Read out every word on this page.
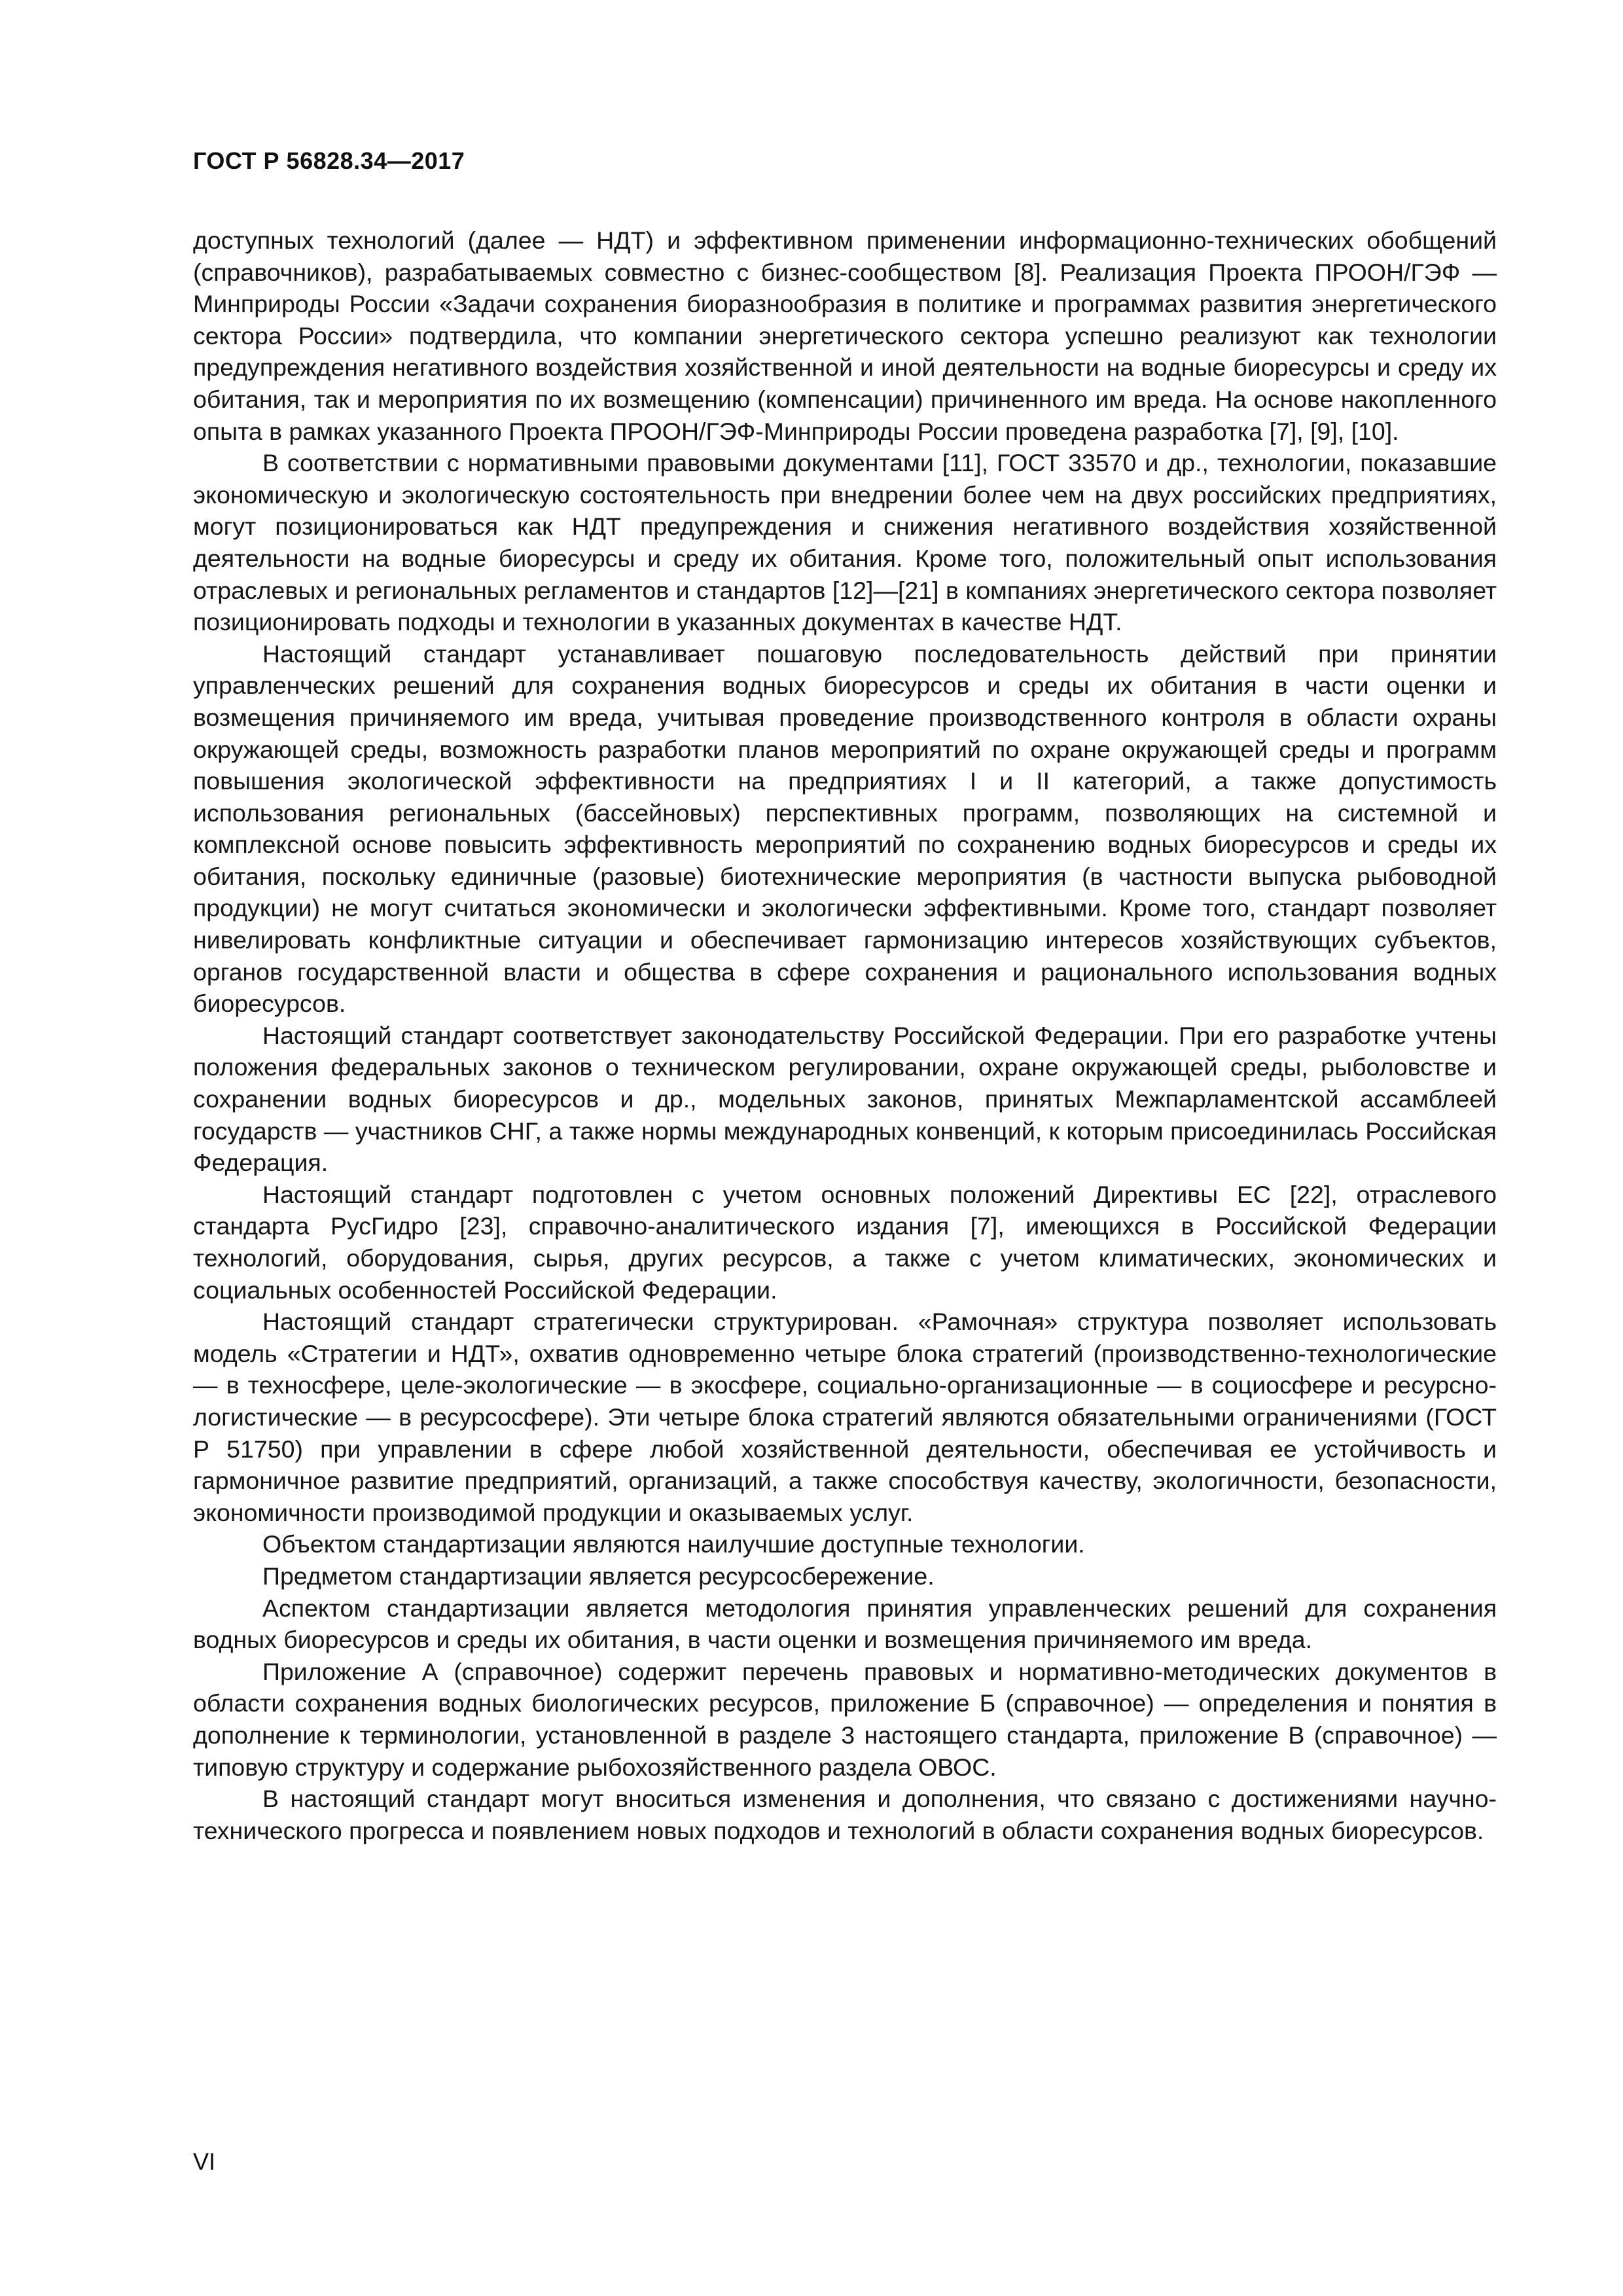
ГОСТ Р 56828.34—2017

доступных технологий (далее — НДТ) и эффективном применении информационно-технических обобщений (справочников), разрабатываемых совместно с бизнес-сообществом [8]. Реализация Проекта ПРООН/ГЭФ — Минприроды России «Задачи сохранения биоразнообразия в политике и программах развития энергетического сектора России» подтвердила, что компании энергетического сектора успешно реализуют как технологии предупреждения негативного воздействия хозяйственной и иной деятельности на водные биоресурсы и среду их обитания, так и мероприятия по их возмещению (компенсации) причиненного им вреда. На основе накопленного опыта в рамках указанного Проекта ПРООН/ГЭФ-Минприроды России проведена разработка [7], [9], [10].

В соответствии с нормативными правовыми документами [11], ГОСТ 33570 и др., технологии, показавшие экономическую и экологическую состоятельность при внедрении более чем на двух российских предприятиях, могут позиционироваться как НДТ предупреждения и снижения негативного воздействия хозяйственной деятельности на водные биоресурсы и среду их обитания. Кроме того, положительный опыт использования отраслевых и региональных регламентов и стандартов [12]—[21] в компаниях энергетического сектора позволяет позиционировать подходы и технологии в указанных документах в качестве НДТ.

Настоящий стандарт устанавливает пошаговую последовательность действий при принятии управленческих решений для сохранения водных биоресурсов и среды их обитания в части оценки и возмещения причиняемого им вреда, учитывая проведение производственного контроля в области охраны окружающей среды, возможность разработки планов мероприятий по охране окружающей среды и программ повышения экологической эффективности на предприятиях I и II категорий, а также допустимость использования региональных (бассейновых) перспективных программ, позволяющих на системной и комплексной основе повысить эффективность мероприятий по сохранению водных биоресурсов и среды их обитания, поскольку единичные (разовые) биотехнические мероприятия (в частности выпуска рыбоводной продукции) не могут считаться экономически и экологически эффективными. Кроме того, стандарт позволяет нивелировать конфликтные ситуации и обеспечивает гармонизацию интересов хозяйствующих субъектов, органов государственной власти и общества в сфере сохранения и рационального использования водных биоресурсов.

Настоящий стандарт соответствует законодательству Российской Федерации. При его разработке учтены положения федеральных законов о техническом регулировании, охране окружающей среды, рыболовстве и сохранении водных биоресурсов и др., модельных законов, принятых Межпарламентской ассамблеей государств — участников СНГ, а также нормы международных конвенций, к которым присоединилась Российская Федерация.

Настоящий стандарт подготовлен с учетом основных положений Директивы ЕС [22], отраслевого стандарта РусГидро [23], справочно-аналитического издания [7], имеющихся в Российской Федерации технологий, оборудования, сырья, других ресурсов, а также с учетом климатических, экономических и социальных особенностей Российской Федерации.

Настоящий стандарт стратегически структурирован. «Рамочная» структура позволяет использовать модель «Стратегии и НДТ», охватив одновременно четыре блока стратегий (производственно-технологические — в техносфере, целе-экологические — в экосфере, социально-организационные — в социосфере и ресурсно-логистические — в ресурсосфере). Эти четыре блока стратегий являются обязательными ограничениями (ГОСТ Р 51750) при управлении в сфере любой хозяйственной деятельности, обеспечивая ее устойчивость и гармоничное развитие предприятий, организаций, а также способствуя качеству, экологичности, безопасности, экономичности производимой продукции и оказываемых услуг.

Объектом стандартизации являются наилучшие доступные технологии.

Предметом стандартизации является ресурсосбережение.

Аспектом стандартизации является методология принятия управленческих решений для сохранения водных биоресурсов и среды их обитания, в части оценки и возмещения причиняемого им вреда.

Приложение А (справочное) содержит перечень правовых и нормативно-методических документов в области сохранения водных биологических ресурсов, приложение Б (справочное) — определения и понятия в дополнение к терминологии, установленной в разделе 3 настоящего стандарта, приложение В (справочное) — типовую структуру и содержание рыбохозяйственного раздела ОВОС.

В настоящий стандарт могут вноситься изменения и дополнения, что связано с достижениями научно-технического прогресса и появлением новых подходов и технологий в области сохранения водных биоресурсов.

VI
